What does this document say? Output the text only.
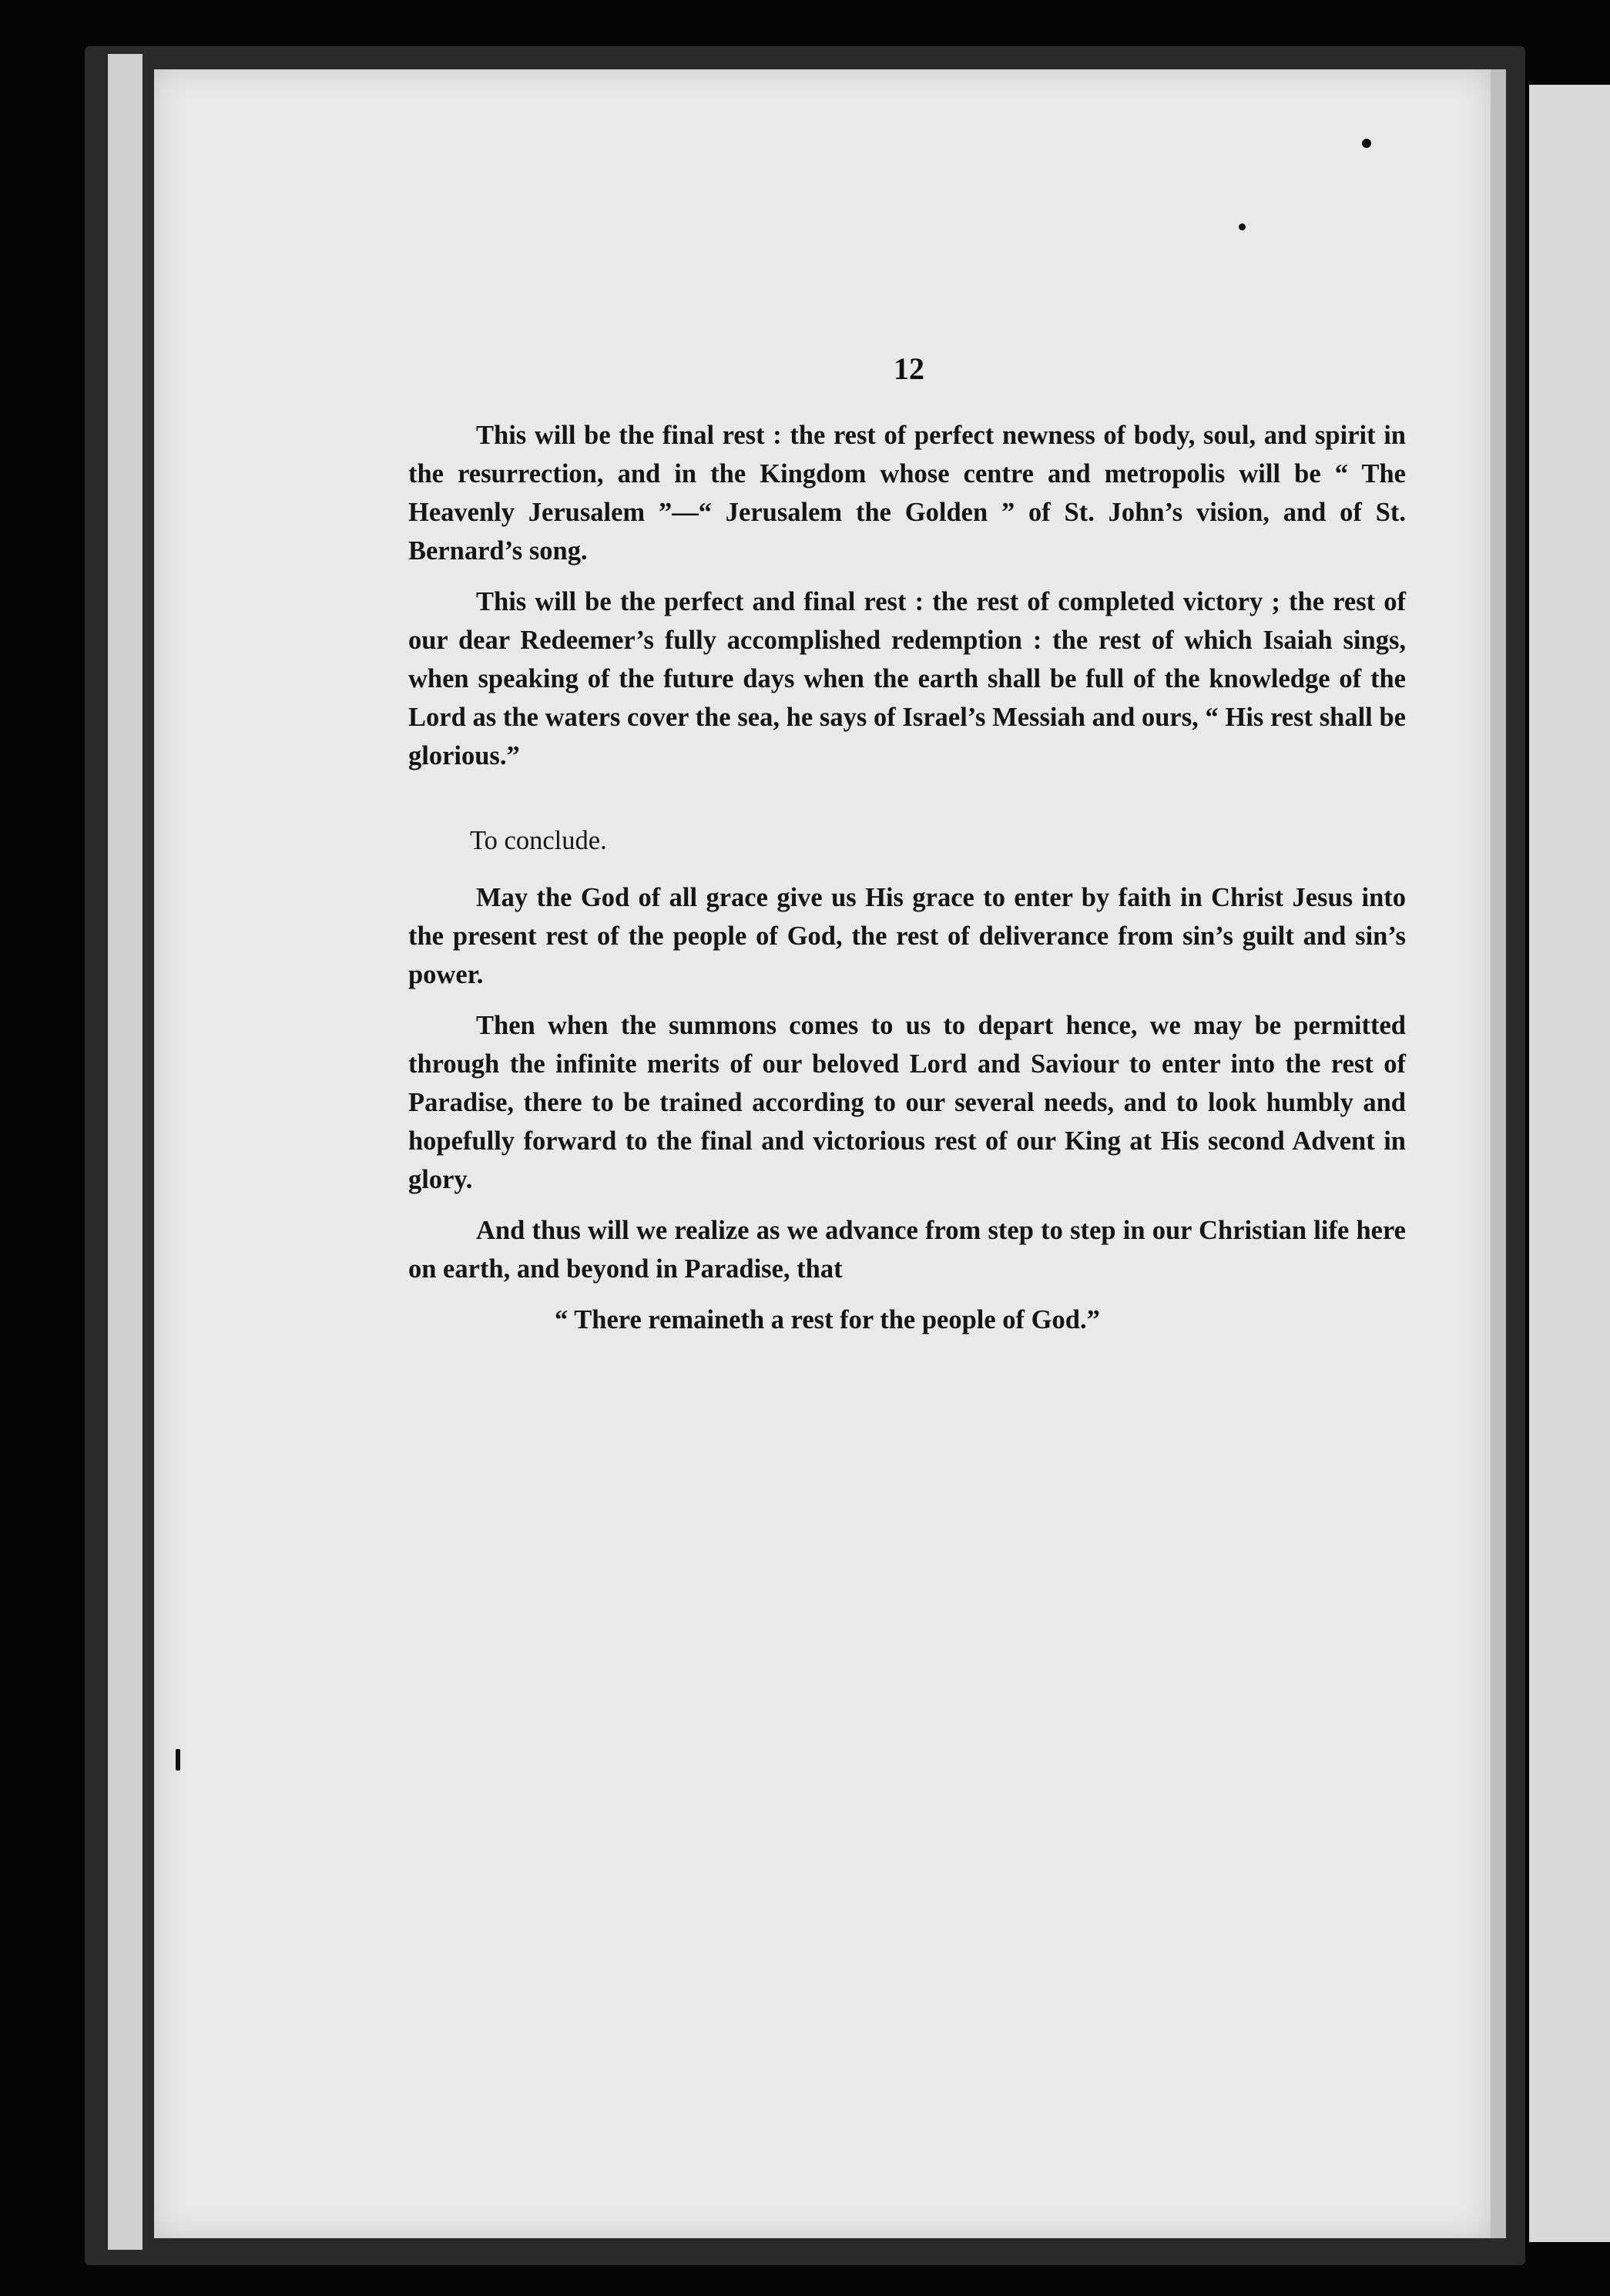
12

This will be the final rest : the rest of perfect newness of body, soul, and spirit in the resurrection, and in the Kingdom whose centre and metropolis will be “ The Heavenly Jerusalem ”—“ Jerusalem the Golden ” of St. John’s vision, and of St. Bernard’s song.

This will be the perfect and final rest : the rest of completed victory ; the rest of our dear Redeemer’s fully accomplished redemption : the rest of which Isaiah sings, when speaking of the future days when the earth shall be full of the knowledge of the Lord as the waters cover the sea, he says of Israel’s Messiah and ours, “ His rest shall be glorious.”

To conclude.

May the God of all grace give us His grace to enter by faith in Christ Jesus into the present rest of the people of God, the rest of deliverance from sin’s guilt and sin’s power.

Then when the summons comes to us to depart hence, we may be permitted through the infinite merits of our beloved Lord and Saviour to enter into the rest of Paradise, there to be trained according to our several needs, and to look humbly and hopefully forward to the final and victorious rest of our King at His second Advent in glory.

And thus will we realize as we advance from step to step in our Christian life here on earth, and beyond in Paradise, that

“ There remaineth a rest for the people of God.”
